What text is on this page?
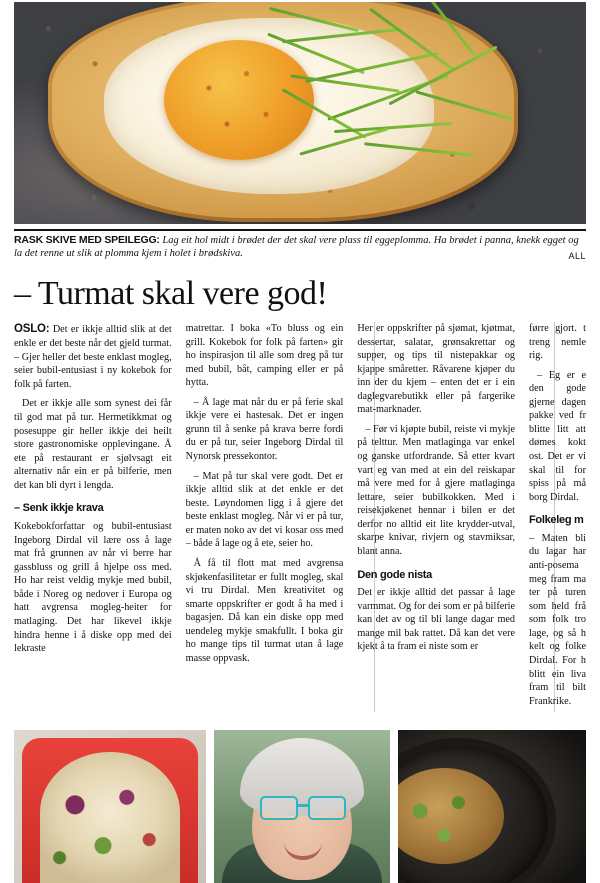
RASK SKIVE MED SPEILEGG: Lag eit hol midt i brødet der det skal vere plass til eggeplomma. Ha brødet i panna, knekk egget og la det renne ut slik at plomma kjem i holet i brødskiva.	ALL
– Turmat skal vere god!

OSLO: Det er ikkje alltid slik at det enkle er det beste når det gjeld turmat. – Gjer heller det beste enklast mogleg, seier bubil-entusiast i ny kokebok for folk på farten.

Det er ikkje alle som synest dei får til god mat på tur. Hermetikkmat og posesuppe gir heller ikkje dei heilt store gastronomiske opplevingane. Å ete på restaurant er sjølvsagt eit alternativ når ein er på bilferie, men det kan bli dyrt i lengda.

– Senk ikkje krava

Kokebokforfattar og bubil-entusiast Ingeborg Dirdal vil lære oss å lage mat frå grunnen av når vi berre har gassbluss og grill å hjelpe oss med. Ho har reist veldig mykje med bubil, både i Noreg og nedover i Europa og hatt avgrensa mogleg-heiter for matlaging. Det har likevel ikkje hindra henne i å diske opp med dei lekraste

matrettar. I boka «To bluss og ein grill. Kokebok for folk på farten» gir ho inspirasjon til alle som dreg på tur med bubil, båt, camping eller er på hytta.

– Å lage mat når du er på ferie skal ikkje vere ei hastesak. Det er ingen grunn til å senke på krava berre fordi du er på tur, seier Ingeborg Dirdal til Nynorsk pressekontor.

– Mat på tur skal vere godt. Det er ikkje alltid slik at det enkle er det beste. Løyndomen ligg i å gjere det beste enklast mogleg. Når vi er på tur, er maten noko av det vi kosar oss med – både å lage og å ete, seier ho.

Å få til flott mat med avgrensa skjøkenfasilitetar er fullt mogleg, skal vi tru Dirdal. Men kreativitet og smarte oppskrifter er godt å ha med i bagasjen. Då kan ein diske opp med uendeleg mykje smakfullt. I boka gir ho mange tips til turmat utan å lage masse oppvask.

Her er oppskrifter på sjømat, kjøtmat, dessertar, salatar, grønsakrettar og supper, og tips til nistepakkar og kjappe småretter. Råvarene kjøper du inn der du kjem – enten det er i ein daglegvarebutikk eller på fargerike mat-marknader.

– Før vi kjøpte bubil, reiste vi mykje på telttur. Men matlaginga var enkel og ganske utfordrande. Så etter kvart vart eg van med at ein del reiskapar må vere med for å gjere matlaginga lettare, seier bubilkokken. Med i reisekjøkenet hennar i bilen er det derfor no alltid eit lite krydder-utval, skarpe knivar, rivjern og stavmiksar, blant anna.

Den gode nista

Det er ikkje alltid det passar å lage varmmat. Og for dei som er på bilferie kan det av og til bli lange dagar med mange mil bak rattet. Då kan det vere kjekt å ta fram ei niste som er

førre gjort. t treng nemle rig.

– Eg er e den gode gjerne dagen pakke ved fr blitte litt att dømes kokt ost. Det er vi skal til for spiss på må borg Dirdal.

Folkeleg m

– Maten bli du lagar har anti-posema meg fram ma ter på turen som held frå som folk tro lage, og så h kelt og folke Dirdal. For h blitt ein liva fram til bilt Frankrike.
